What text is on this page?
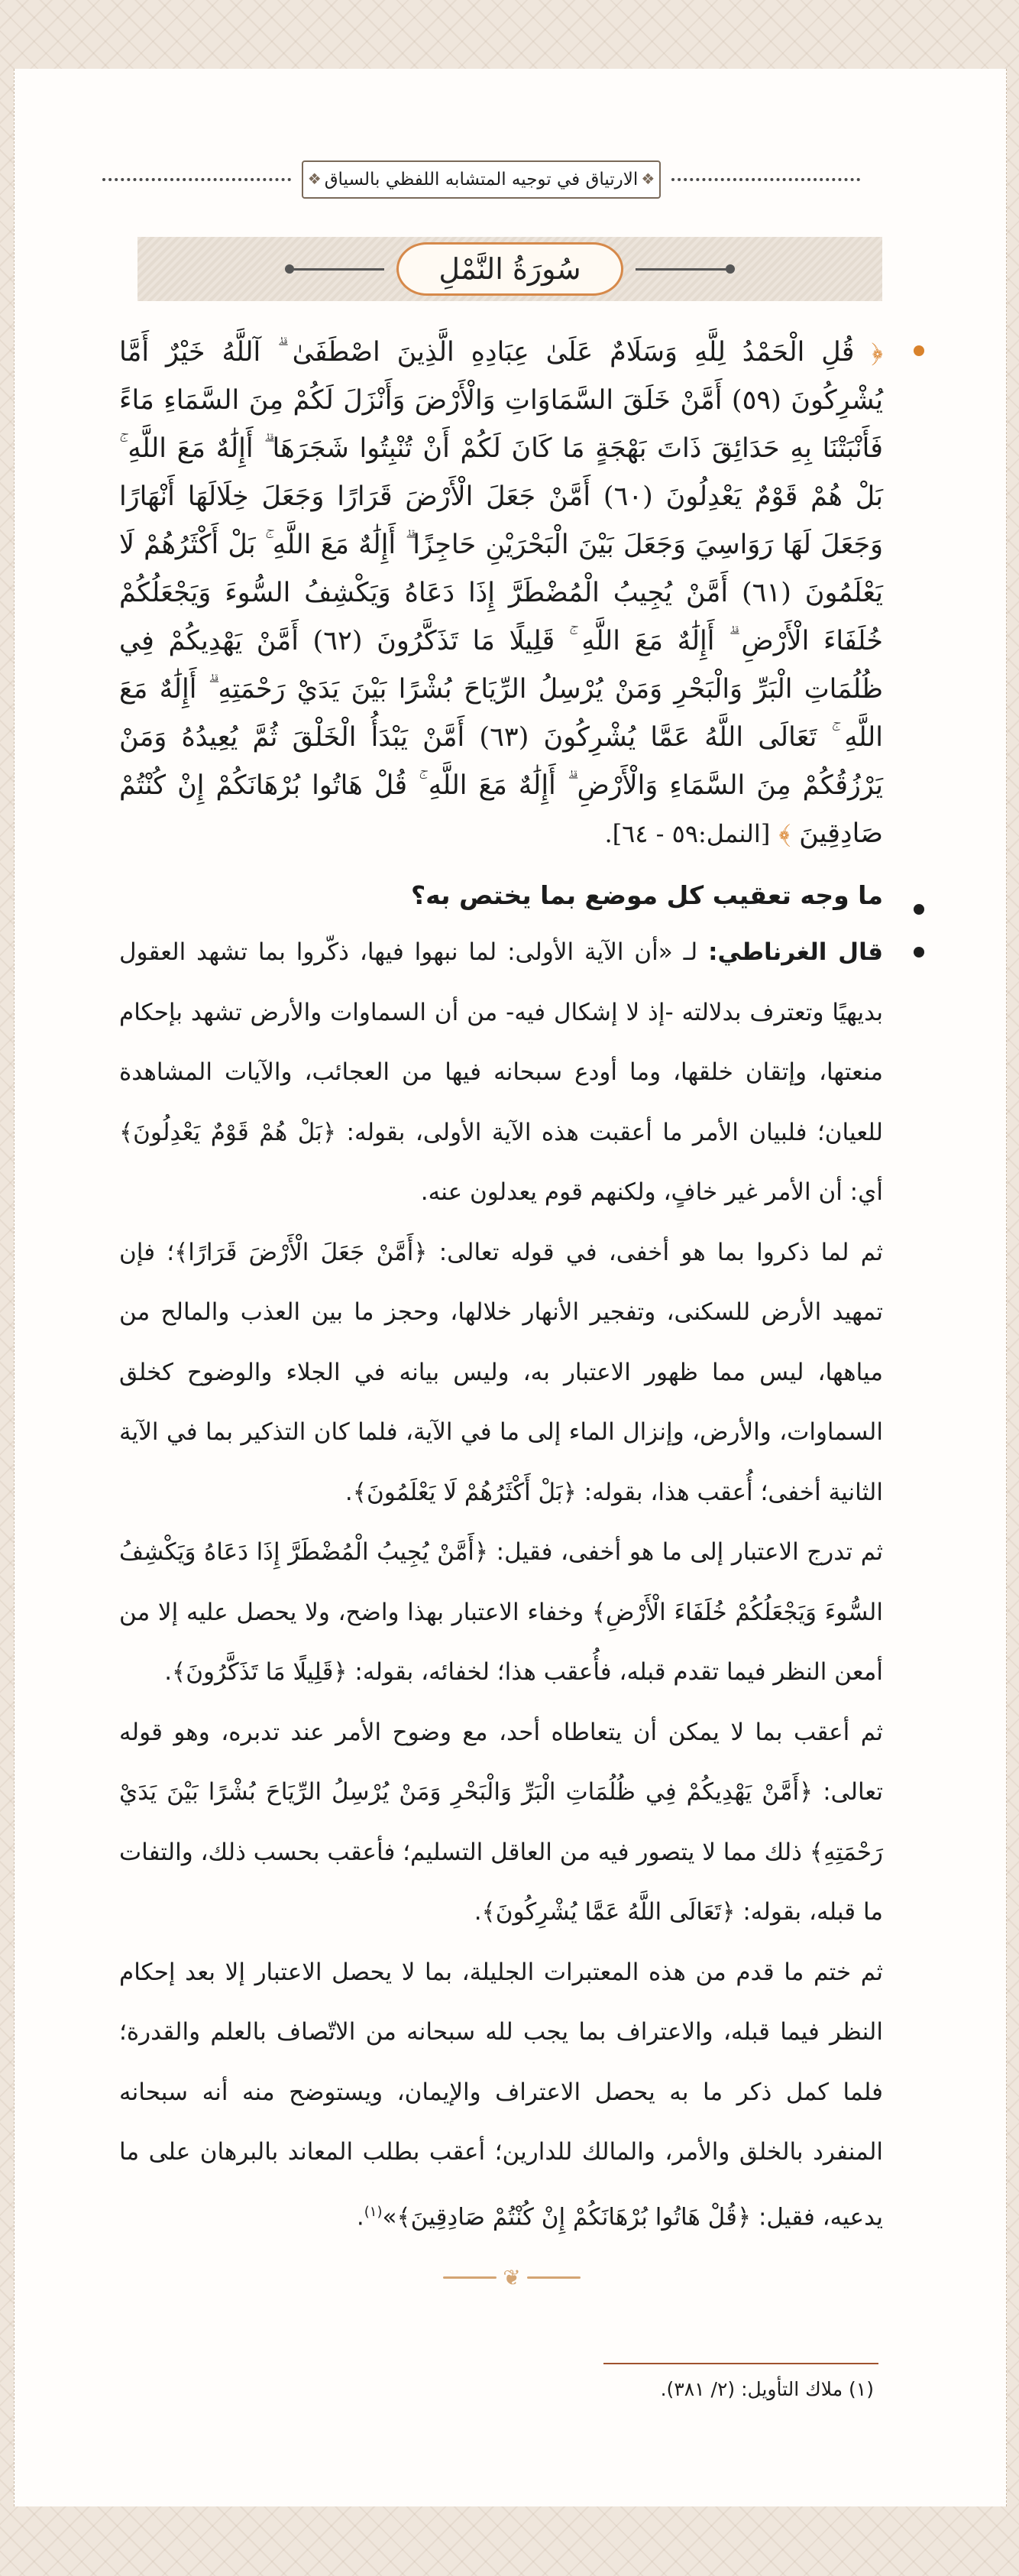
❖ الارتياق في توجيه المتشابه اللفظي بالسياق ❖
سُورَةُ النَّمْلِ

﴿ قُلِ الْحَمْدُ لِلَّهِ وَسَلَامٌ عَلَىٰ عِبَادِهِ الَّذِينَ اصْطَفَىٰ ۗ آللَّهُ خَيْرٌ أَمَّا يُشْرِكُونَ (٥٩) أَمَّنْ خَلَقَ السَّمَاوَاتِ وَالْأَرْضَ وَأَنْزَلَ لَكُمْ مِنَ السَّمَاءِ مَاءً فَأَنْبَتْنَا بِهِ حَدَائِقَ ذَاتَ بَهْجَةٍ مَا كَانَ لَكُمْ أَنْ تُنْبِتُوا شَجَرَهَا ۗ أَإِلَٰهٌ مَعَ اللَّهِ ۚ بَلْ هُمْ قَوْمٌ يَعْدِلُونَ (٦٠) أَمَّنْ جَعَلَ الْأَرْضَ قَرَارًا وَجَعَلَ خِلَالَهَا أَنْهَارًا وَجَعَلَ لَهَا رَوَاسِيَ وَجَعَلَ بَيْنَ الْبَحْرَيْنِ حَاجِزًا ۗ أَإِلَٰهٌ مَعَ اللَّهِ ۚ بَلْ أَكْثَرُهُمْ لَا يَعْلَمُونَ (٦١) أَمَّنْ يُجِيبُ الْمُضْطَرَّ إِذَا دَعَاهُ وَيَكْشِفُ السُّوءَ وَيَجْعَلُكُمْ خُلَفَاءَ الْأَرْضِ ۗ أَإِلَٰهٌ مَعَ اللَّهِ ۚ قَلِيلًا مَا تَذَكَّرُونَ (٦٢) أَمَّنْ يَهْدِيكُمْ فِي ظُلُمَاتِ الْبَرِّ وَالْبَحْرِ وَمَنْ يُرْسِلُ الرِّيَاحَ بُشْرًا بَيْنَ يَدَيْ رَحْمَتِهِ ۗ أَإِلَٰهٌ مَعَ اللَّهِ ۚ تَعَالَى اللَّهُ عَمَّا يُشْرِكُونَ (٦٣) أَمَّنْ يَبْدَأُ الْخَلْقَ ثُمَّ يُعِيدُهُ وَمَنْ يَرْزُقُكُمْ مِنَ السَّمَاءِ وَالْأَرْضِ ۗ أَإِلَٰهٌ مَعَ اللَّهِ ۚ قُلْ هَاتُوا بُرْهَانَكُمْ إِنْ كُنْتُمْ صَادِقِينَ ﴾ [النمل:٥٩ - ٦٤].

ما وجه تعقيب كل موضع بما يختص به؟

قال الغرناطي: لـ «أن الآية الأولى: لما نبهوا فيها، ذكّروا بما تشهد العقول بديهيًا وتعترف بدلالته -إذ لا إشكال فيه- من أن السماوات والأرض تشهد بإحكام منعتها، وإتقان خلقها، وما أودع سبحانه فيها من العجائب، والآيات المشاهدة للعيان؛ فلبيان الأمر ما أعقبت هذه الآية الأولى، بقوله: ﴿بَلْ هُمْ قَوْمٌ يَعْدِلُونَ﴾ أي: أن الأمر غير خافٍ، ولكنهم قوم يعدلون عنه.

ثم لما ذكروا بما هو أخفى، في قوله تعالى: ﴿أَمَّنْ جَعَلَ الْأَرْضَ قَرَارًا﴾؛ فإن تمهيد الأرض للسكنى، وتفجير الأنهار خلالها، وحجز ما بين العذب والمالح من مياهها، ليس مما ظهور الاعتبار به، وليس بيانه في الجلاء والوضوح كخلق السماوات، والأرض، وإنزال الماء إلى ما في الآية، فلما كان التذكير بما في الآية الثانية أخفى؛ أُعقب هذا، بقوله: ﴿بَلْ أَكْثَرُهُمْ لَا يَعْلَمُونَ﴾.

ثم تدرج الاعتبار إلى ما هو أخفى، فقيل: ﴿أَمَّنْ يُجِيبُ الْمُضْطَرَّ إِذَا دَعَاهُ وَيَكْشِفُ السُّوءَ وَيَجْعَلُكُمْ خُلَفَاءَ الْأَرْضِ﴾ وخفاء الاعتبار بهذا واضح، ولا يحصل عليه إلا من أمعن النظر فيما تقدم قبله، فأُعقب هذا؛ لخفائه، بقوله: ﴿قَلِيلًا مَا تَذَكَّرُونَ﴾.

ثم أعقب بما لا يمكن أن يتعاطاه أحد، مع وضوح الأمر عند تدبره، وهو قوله تعالى: ﴿أَمَّنْ يَهْدِيكُمْ فِي ظُلُمَاتِ الْبَرِّ وَالْبَحْرِ وَمَنْ يُرْسِلُ الرِّيَاحَ بُشْرًا بَيْنَ يَدَيْ رَحْمَتِهِ﴾ ذلك مما لا يتصور فيه من العاقل التسليم؛ فأعقب بحسب ذلك، والتفات ما قبله، بقوله: ﴿تَعَالَى اللَّهُ عَمَّا يُشْرِكُونَ﴾.

ثم ختم ما قدم من هذه المعتبرات الجليلة، بما لا يحصل الاعتبار إلا بعد إحكام النظر فيما قبله، والاعتراف بما يجب لله سبحانه من الاتّصاف بالعلم والقدرة؛ فلما كمل ذكر ما به يحصل الاعتراف والإيمان، ويستوضح منه أنه سبحانه المنفرد بالخلق والأمر، والمالك للدارين؛ أعقب بطلب المعاند بالبرهان على ما يدعيه، فقيل: ﴿قُلْ هَاتُوا بُرْهَانَكُمْ إِنْ كُنْتُمْ صَادِقِينَ﴾»$^{(١)}$.

❦
(١) ملاك التأويل: (٢/ ٣٨١).
